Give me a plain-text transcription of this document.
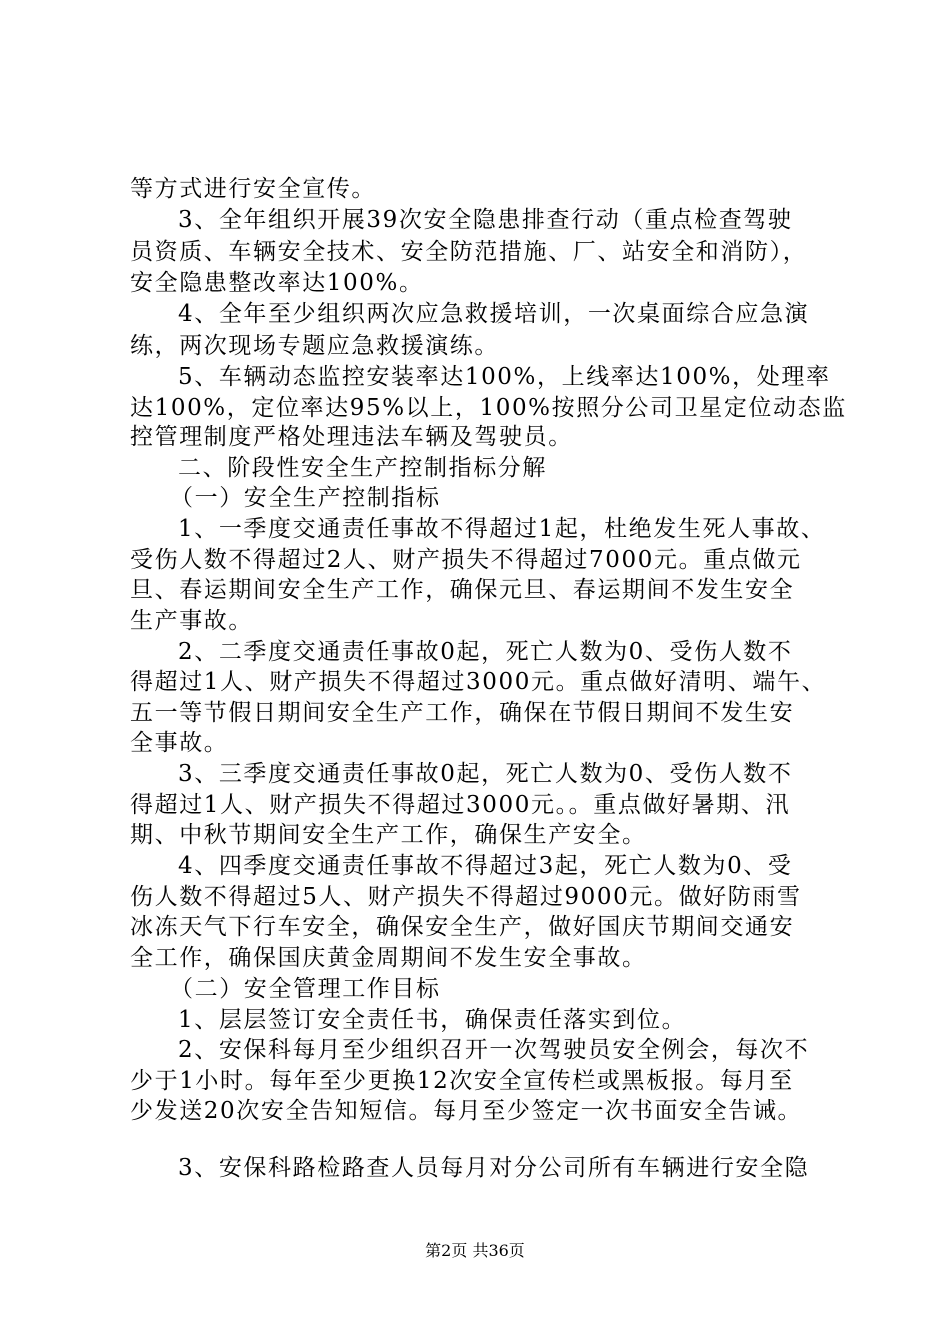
等方式进行安全宣传。
3、全年组织开展39次安全隐患排查行动（重点检查驾驶
员资质、车辆安全技术、安全防范措施、厂、站安全和消防），
安全隐患整改率达100%。
4、全年至少组织两次应急救援培训，一次桌面综合应急演
练，两次现场专题应急救援演练。
5、车辆动态监控安装率达100%，上线率达100%，处理率
达100%，定位率达95%以上，100%按照分公司卫星定位动态监
控管理制度严格处理违法车辆及驾驶员。
二、阶段性安全生产控制指标分解
（一）安全生产控制指标
1、一季度交通责任事故不得超过1起，杜绝发生死人事故、
受伤人数不得超过2人、财产损失不得超过7000元。重点做元
旦、春运期间安全生产工作，确保元旦、春运期间不发生安全
生产事故。
2、二季度交通责任事故0起，死亡人数为0、受伤人数不
得超过1人、财产损失不得超过3000元。重点做好清明、端午、
五一等节假日期间安全生产工作，确保在节假日期间不发生安
全事故。
3、三季度交通责任事故0起，死亡人数为0、受伤人数不
得超过1人、财产损失不得超过3000元。。重点做好暑期、汛
期、中秋节期间安全生产工作，确保生产安全。
4、四季度交通责任事故不得超过3起，死亡人数为0、受
伤人数不得超过5人、财产损失不得超过9000元。做好防雨雪
冰冻天气下行车安全，确保安全生产，做好国庆节期间交通安
全工作，确保国庆黄金周期间不发生安全事故。
（二）安全管理工作目标
1、层层签订安全责任书，确保责任落实到位。
2、安保科每月至少组织召开一次驾驶员安全例会，每次不
少于1小时。每年至少更换12次安全宣传栏或黑板报。每月至
少发送20次安全告知短信。每月至少签定一次书面安全告诫。
3、安保科路检路查人员每月对分公司所有车辆进行安全隐
第2页 共36页
